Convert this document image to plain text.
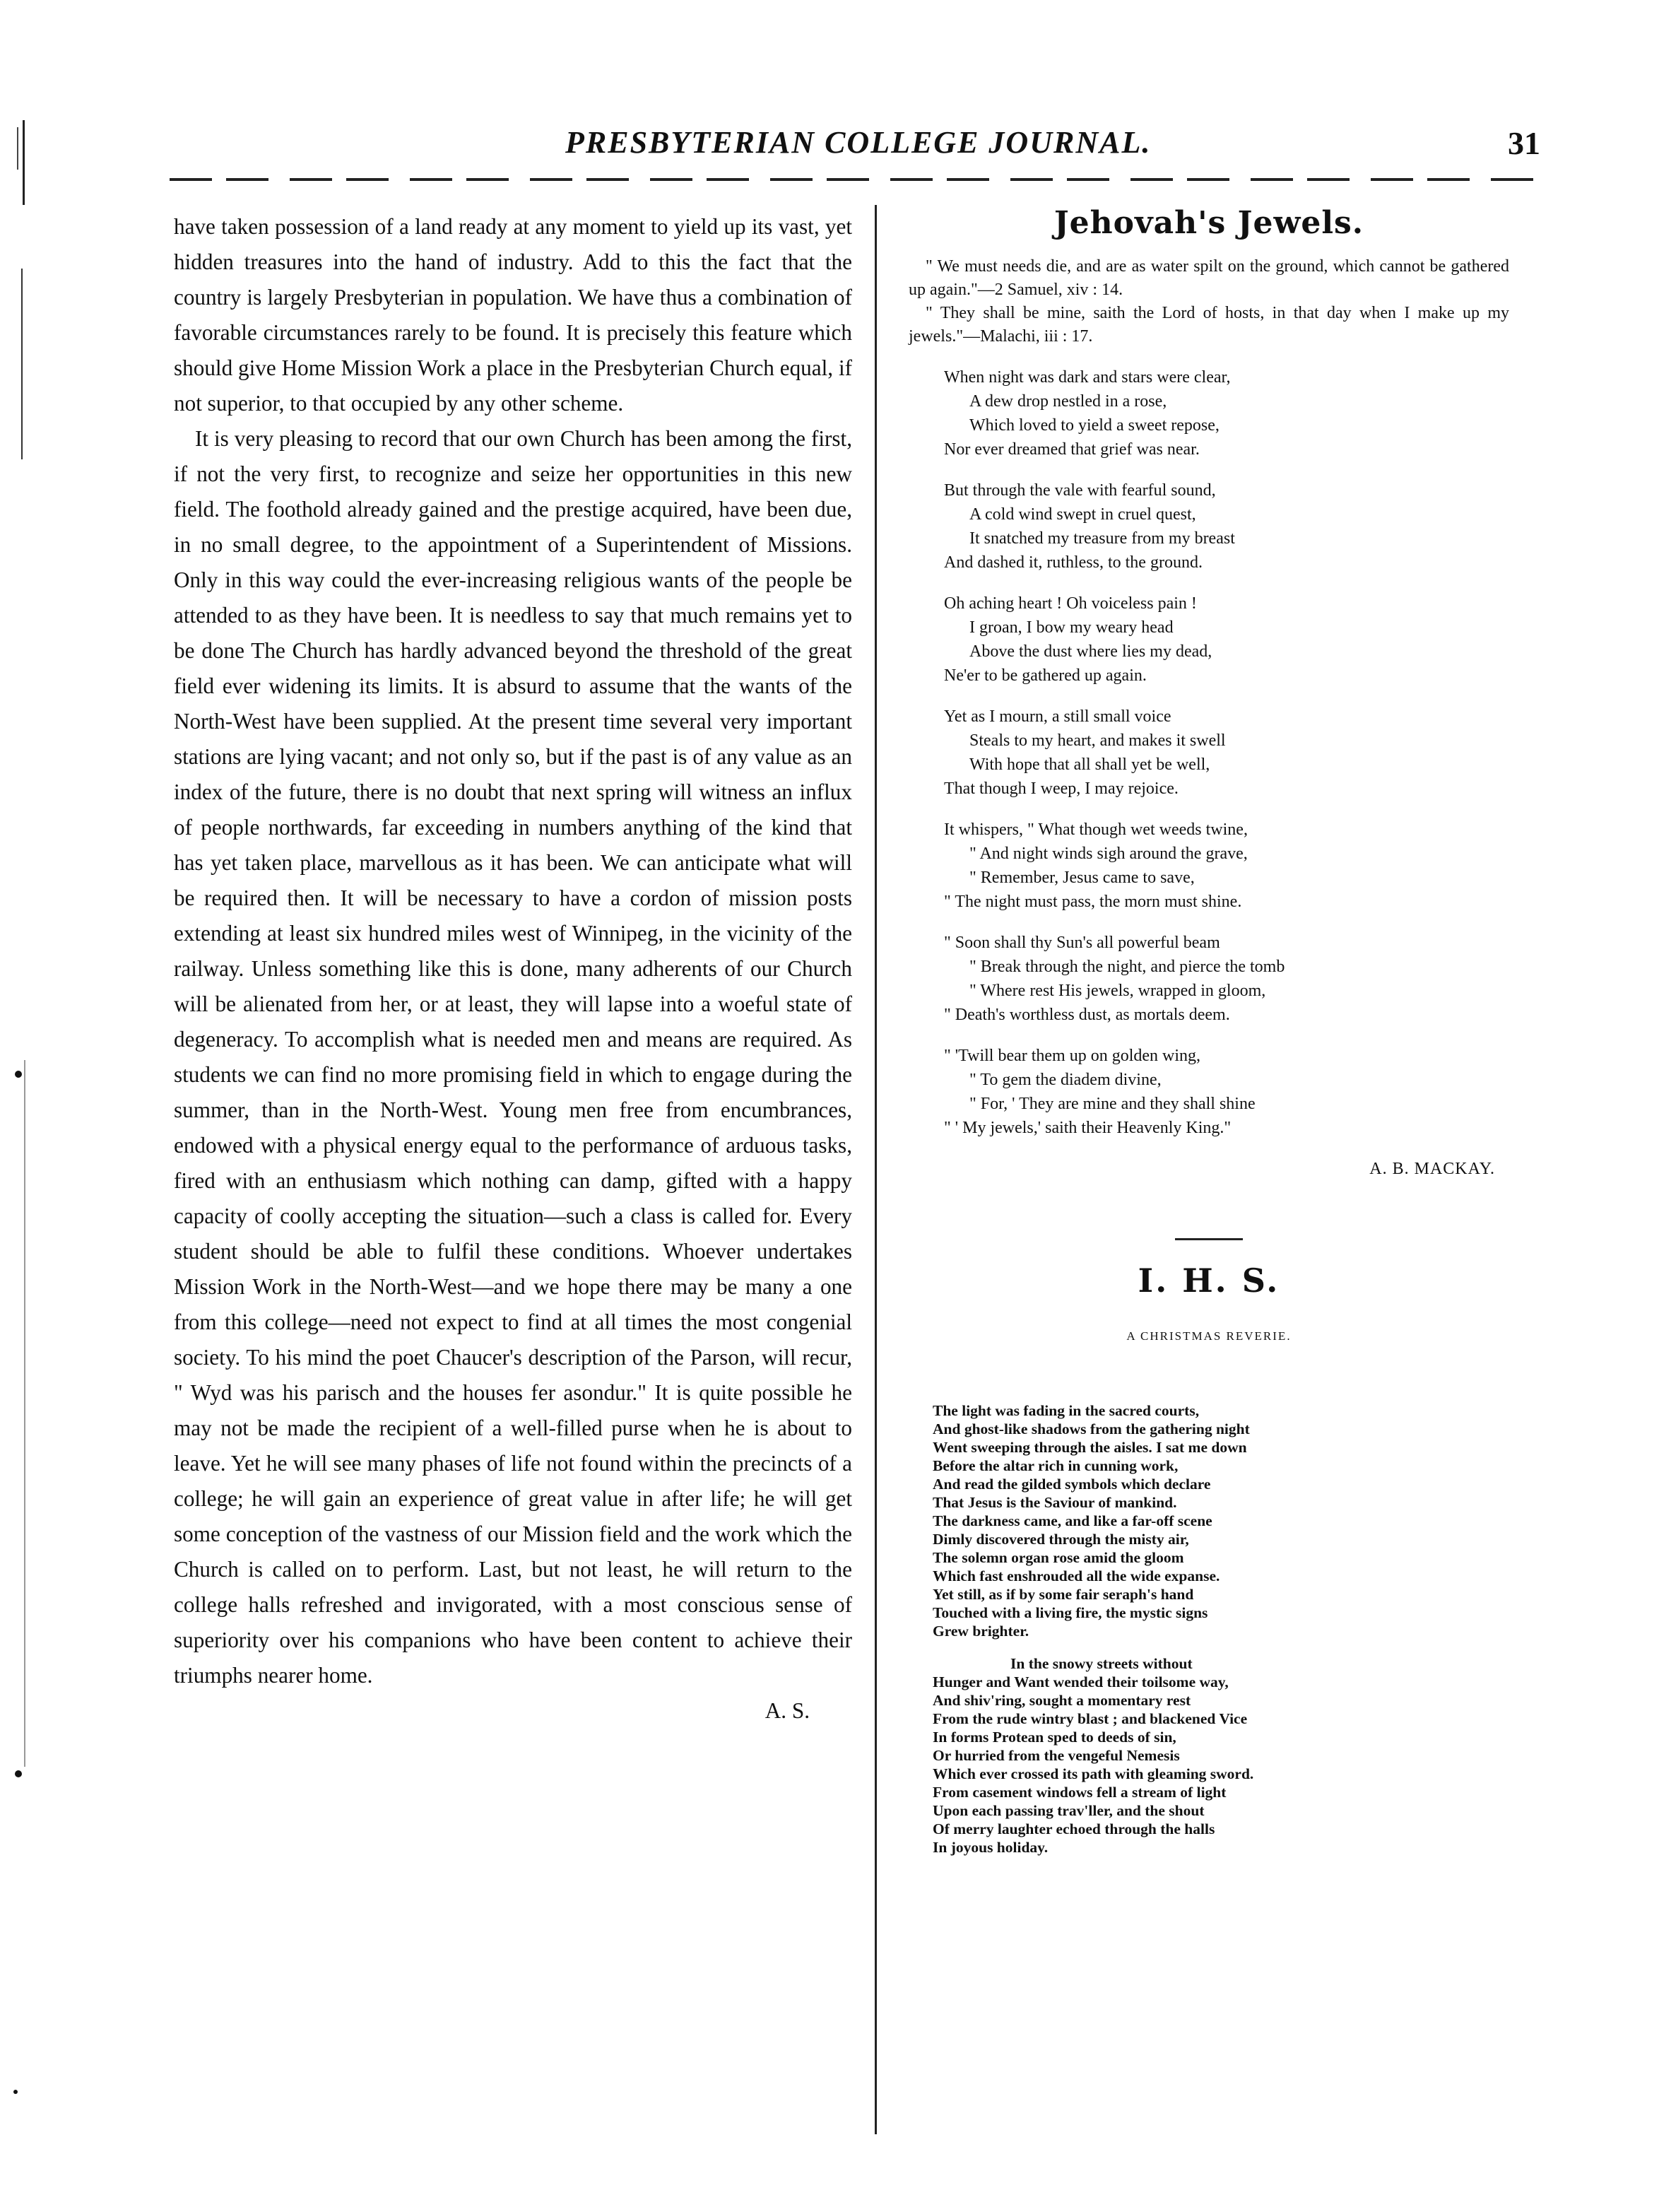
PRESBYTERIAN COLLEGE JOURNAL.	31

have taken possession of a land ready at any moment to yield up its vast, yet hidden treasures into the hand of industry. Add to this the fact that the country is largely Presbyterian in population. We have thus a combination of favorable circumstances rarely to be found. It is precisely this feature which should give Home Mission Work a place in the Presbyterian Church equal, if not superior, to that occupied by any other scheme.

It is very pleasing to record that our own Church has been among the first, if not the very first, to recognize and seize her opportunities in this new field. The foothold already gained and the prestige acquired, have been due, in no small degree, to the appointment of a Superintendent of Missions. Only in this way could the ever-increasing religious wants of the people be attended to as they have been. It is needless to say that much remains yet to be done The Church has hardly advanced beyond the threshold of the great field ever widening its limits. It is absurd to assume that the wants of the North-West have been supplied. At the present time several very important stations are lying vacant; and not only so, but if the past is of any value as an index of the future, there is no doubt that next spring will witness an influx of people northwards, far exceeding in numbers anything of the kind that has yet taken place, marvellous as it has been. We can anticipate what will be required then. It will be necessary to have a cordon of mission posts extending at least six hundred miles west of Winnipeg, in the vicinity of the railway. Unless something like this is done, many adherents of our Church will be alienated from her, or at least, they will lapse into a woeful state of degeneracy. To accomplish what is needed men and means are required. As students we can find no more promising field in which to engage during the summer, than in the North-West. Young men free from encumbrances, endowed with a physical energy equal to the performance of arduous tasks, fired with an enthusiasm which nothing can damp, gifted with a happy capacity of coolly accepting the situation—such a class is called for. Every student should be able to fulfil these conditions. Whoever undertakes Mission Work in the North-West—and we hope there may be many a one from this college—need not expect to find at all times the most congenial society. To his mind the poet Chaucer's description of the Parson, will recur, " Wyd was his parisch and the houses fer asondur." It is quite possible he may not be made the recipient of a well-filled purse when he is about to leave. Yet he will see many phases of life not found within the precincts of a college; he will gain an experience of great value in after life; he will get some conception of the vastness of our Mission field and the work which the Church is called on to perform. Last, but not least, he will return to the college halls refreshed and invigorated, with a most conscious sense of superiority over his companions who have been content to achieve their triumphs nearer home.

A. S.

Jehovah's Jewels.
" We must needs die, and are as water spilt on the ground, which cannot be gathered up again."—2 Samuel, xiv : 14.
" They shall be mine, saith the Lord of hosts, in that day when I make up my jewels."—Malachi, iii : 17.
When night was dark and stars were clear,
A dew drop nestled in a rose,
Which loved to yield a sweet repose,
Nor ever dreamed that grief was near.
But through the vale with fearful sound,
A cold wind swept in cruel quest,
It snatched my treasure from my breast
And dashed it, ruthless, to the ground.
Oh aching heart ! Oh voiceless pain !
I groan, I bow my weary head
Above the dust where lies my dead,
Ne'er to be gathered up again.
Yet as I mourn, a still small voice
Steals to my heart, and makes it swell
With hope that all shall yet be well,
That though I weep, I may rejoice.
It whispers, " What though wet weeds twine,
" And night winds sigh around the grave,
" Remember, Jesus came to save,
" The night must pass, the morn must shine.
" Soon shall thy Sun's all powerful beam
" Break through the night, and pierce the tomb
" Where rest His jewels, wrapped in gloom,
" Death's worthless dust, as mortals deem.
" 'Twill bear them up on golden wing,
" To gem the diadem divine,
" For, ' They are mine and they shall shine
" ' My jewels,' saith their Heavenly King."
A. B. MACKAY.
I. H. S.
A CHRISTMAS REVERIE.
The light was fading in the sacred courts,
And ghost-like shadows from the gathering night
Went sweeping through the aisles. I sat me down
Before the altar rich in cunning work,
And read the gilded symbols which declare
That Jesus is the Saviour of mankind.
The darkness came, and like a far-off scene
Dimly discovered through the misty air,
The solemn organ rose amid the gloom
Which fast enshrouded all the wide expanse.
Yet still, as if by some fair seraph's hand
Touched with a living fire, the mystic signs
Grew brighter.
In the snowy streets without
Hunger and Want wended their toilsome way,
And shiv'ring, sought a momentary rest
From the rude wintry blast ; and blackened Vice
In forms Protean sped to deeds of sin,
Or hurried from the vengeful Nemesis
Which ever crossed its path with gleaming sword.
From casement windows fell a stream of light
Upon each passing trav'ller, and the shout
Of merry laughter echoed through the halls
In joyous holiday.
